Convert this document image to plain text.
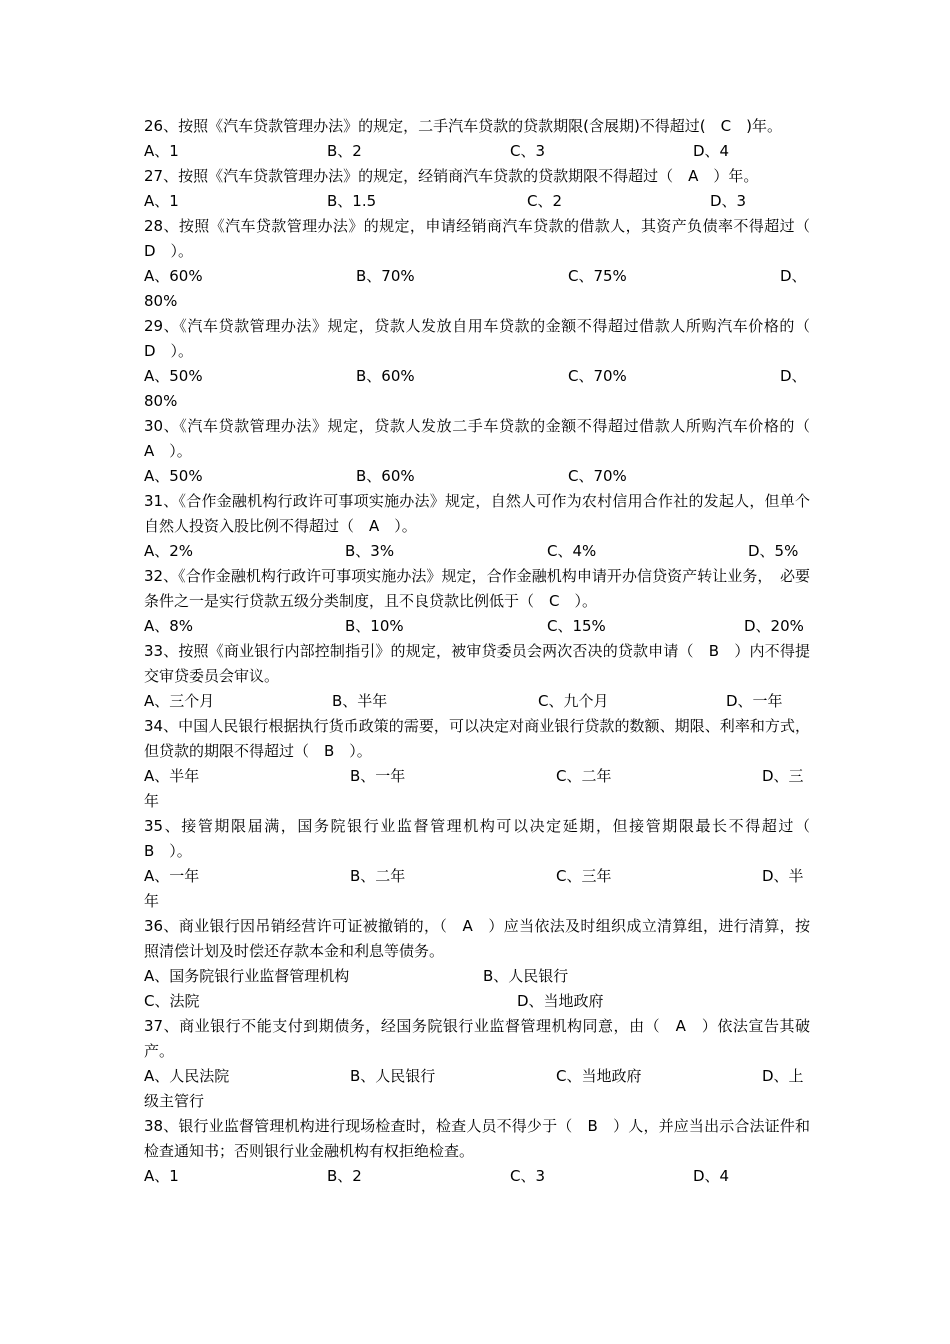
26、按照《汽车贷款管理办法》的规定，二手汽车贷款的贷款期限(含展期)不得超过(　C　)年。

A、1	B、2	C、3	D、4

27、按照《汽车贷款管理办法》的规定，经销商汽车贷款的贷款期限不得超过（　A　）年。

A、1	B、1.5	C、2	D、3

28、按照《汽车贷款管理办法》的规定，申请经销商汽车贷款的借款人，其资产负债率不得超过（　D　）。

A、60%	B、70%	C、75%	D、
80%

29、《汽车贷款管理办法》规定，贷款人发放自用车贷款的金额不得超过借款人所购汽车价格的（　D　）。

A、50%	B、60%	C、70%	D、
80%

30、《汽车贷款管理办法》规定，贷款人发放二手车贷款的金额不得超过借款人所购汽车价格的（　A　）。

A、50%	B、60%	C、70%

31、《合作金融机构行政许可事项实施办法》规定，自然人可作为农村信用合作社的发起人，但单个自然人投资入股比例不得超过（　A　）。

A、2%	B、3%	C、4%	D、5%

32、《合作金融机构行政许可事项实施办法》规定，合作金融机构申请开办信贷资产转让业务，　必要条件之一是实行贷款五级分类制度，且不良贷款比例低于（　C　）。

A、8%	B、10%	C、15%	D、20%

33、按照《商业银行内部控制指引》的规定，被审贷委员会两次否决的贷款申请（　B　）内不得提交审贷委员会审议。

A、三个月	B、半年	C、九个月	D、一年

34、中国人民银行根据执行货币政策的需要，可以决定对商业银行贷款的数额、期限、利率和方式，但贷款的期限不得超过（　B　）。

A、半年	B、一年	C、二年	D、三
年

35、接管期限届满，国务院银行业监督管理机构可以决定延期，但接管期限最长不得超过（　B　）。

A、一年	B、二年	C、三年	D、半
年

36、商业银行因吊销经营许可证被撤销的，（　A　）应当依法及时组织成立清算组，进行清算，按照清偿计划及时偿还存款本金和利息等债务。

A、国务院银行业监督管理机构	B、人民银行
C、法院	D、当地政府

37、商业银行不能支付到期债务，经国务院银行业监督管理机构同意，由（　A　）依法宣告其破产。

A、人民法院	B、人民银行	C、当地政府	D、上
级主管行

38、银行业监督管理机构进行现场检查时，检查人员不得少于（　B　）人，并应当出示合法证件和检查通知书；否则银行业金融机构有权拒绝检查。

A、1	B、2	C、3	D、4
